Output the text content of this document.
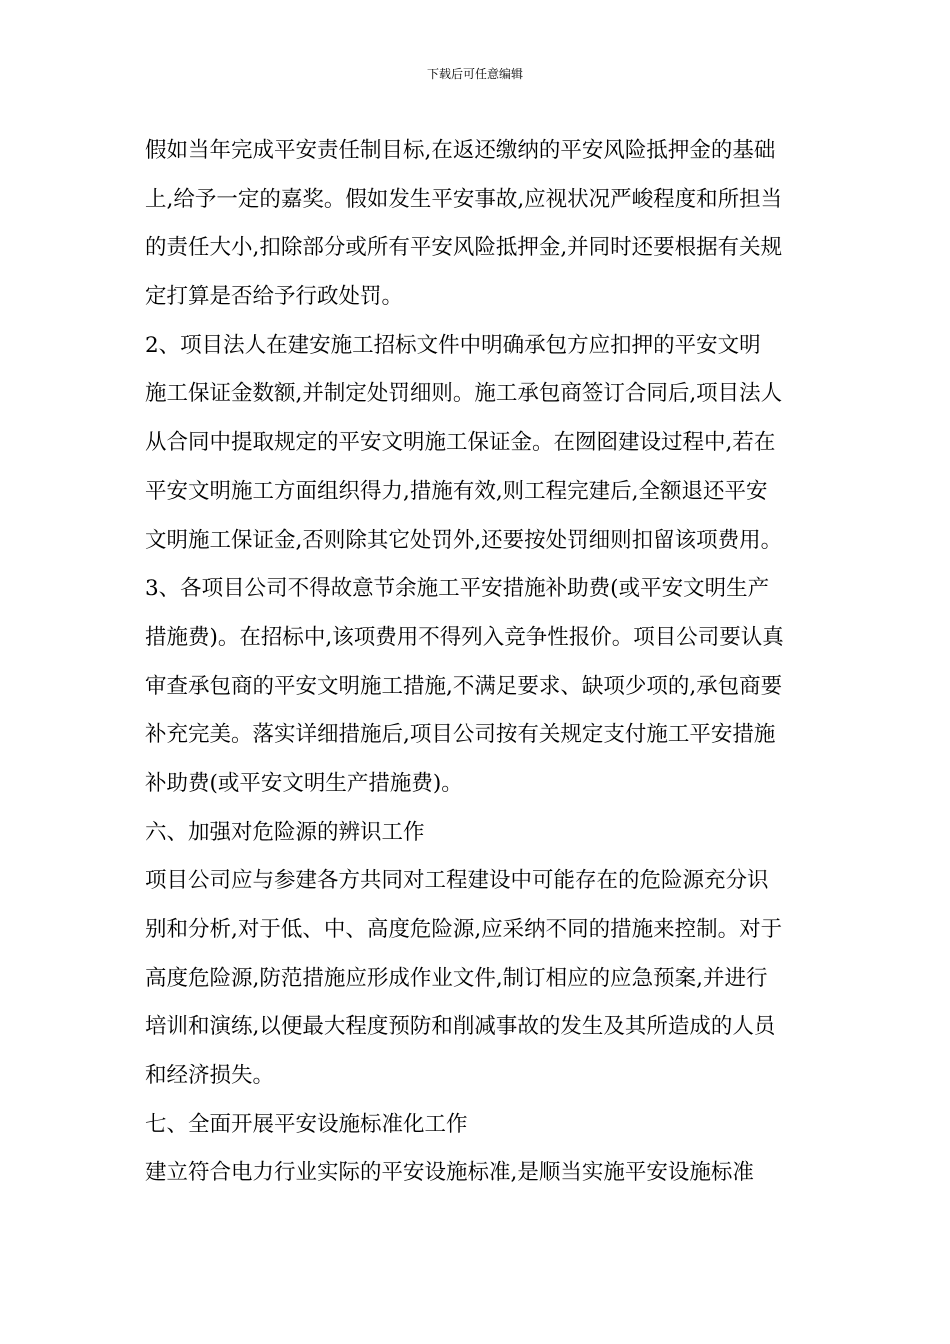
下载后可任意编辑
假如当年完成平安责任制目标,在返还缴纳的平安风险抵押金的基础
上,给予一定的嘉奖。假如发生平安事故,应视状况严峻程度和所担当
的责任大小,扣除部分或所有平安风险抵押金,并同时还要根据有关规
定打算是否给予行政处罚。
2、项目法人在建安施工招标文件中明确承包方应扣押的平安文明
施工保证金数额,并制定处罚细则。施工承包商签订合同后,项目法人
从合同中提取规定的平安文明施工保证金。在囫囵建设过程中,若在
平安文明施工方面组织得力,措施有效,则工程完建后,全额退还平安
文明施工保证金,否则除其它处罚外,还要按处罚细则扣留该项费用。
3、各项目公司不得故意节余施工平安措施补助费(或平安文明生产
措施费)。在招标中,该项费用不得列入竞争性报价。项目公司要认真
审查承包商的平安文明施工措施,不满足要求、缺项少项的,承包商要
补充完美。落实详细措施后,项目公司按有关规定支付施工平安措施
补助费(或平安文明生产措施费)。
六、加强对危险源的辨识工作
项目公司应与参建各方共同对工程建设中可能存在的危险源充分识
别和分析,对于低、中、高度危险源,应采纳不同的措施来控制。对于
高度危险源,防范措施应形成作业文件,制订相应的应急预案,并进行
培训和演练,以便最大程度预防和削减事故的发生及其所造成的人员
和经济损失。
七、全面开展平安设施标准化工作
建立符合电力行业实际的平安设施标准,是顺当实施平安设施标准
